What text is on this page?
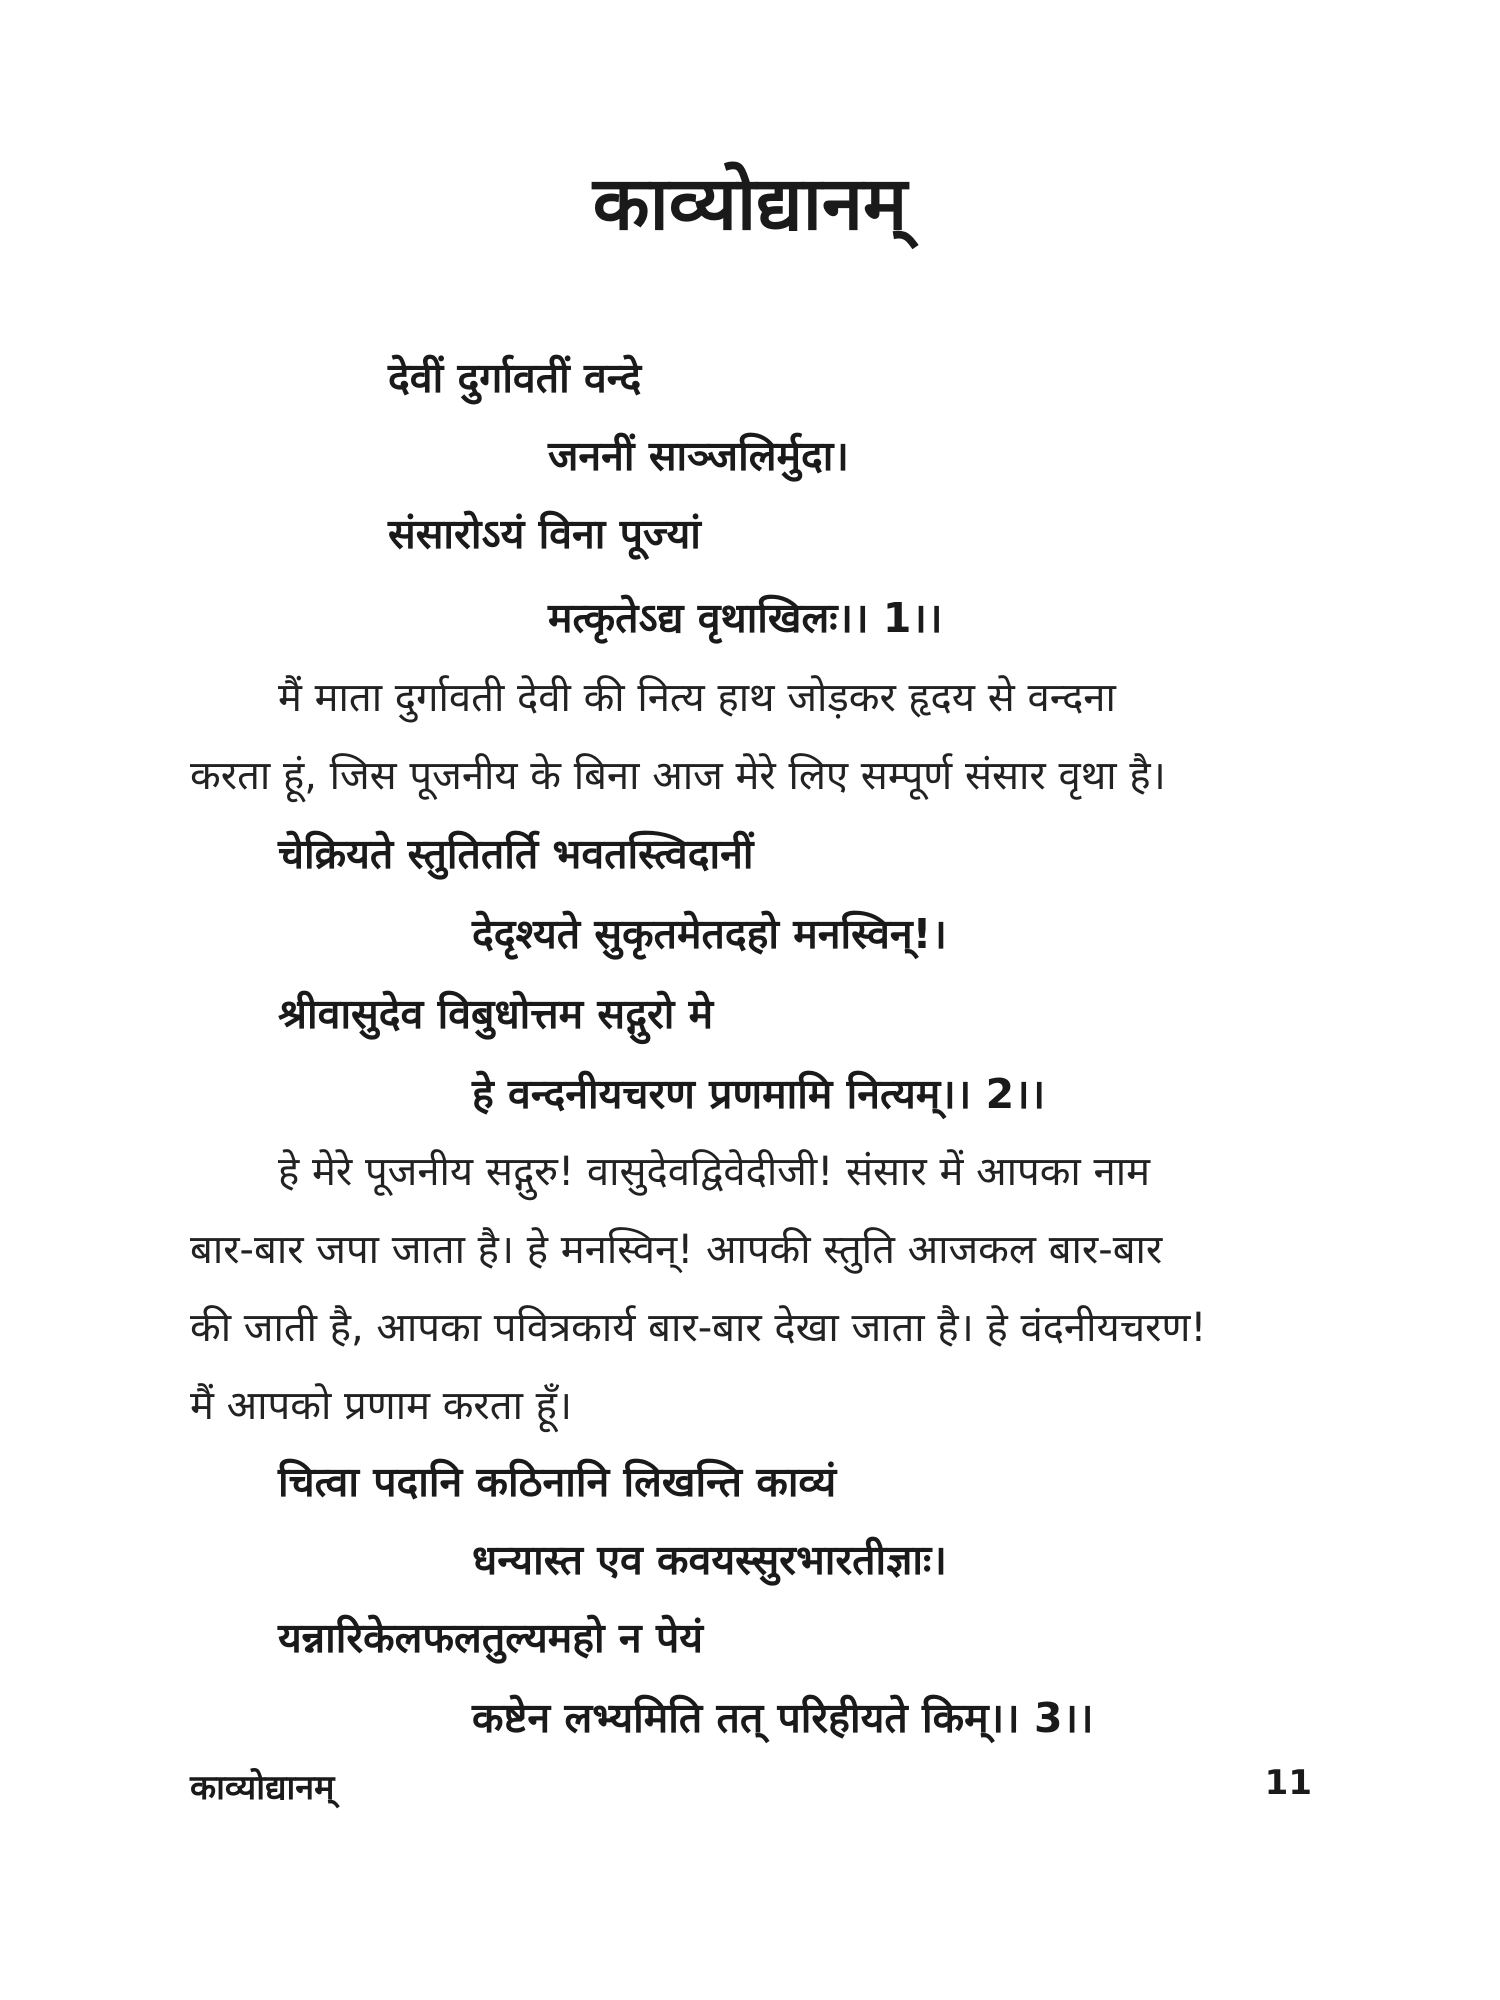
काव्योद्यानम्
देवीं दुर्गावतीं वन्दे
जननीं साञ्जलिर्मुदा।
संसारोऽयं विना पूज्यां
मत्कृतेऽद्य वृथाखिलः।। 1।।
मैं माता दुर्गावती देवी की नित्य हाथ जोड़कर हृदय से वन्दना
करता हूं, जिस पूजनीय के बिना आज मेरे लिए सम्पूर्ण संसार वृथा है।
चेक्रियते स्तुतितर्ति भवतस्त्विदानीं
देदृश्यते सुकृतमेतदहो मनस्विन्!।
श्रीवासुदेव विबुधोत्तम सद्गुरो मे
हे वन्दनीयचरण प्रणमामि नित्यम्।। 2।।
हे मेरे पूजनीय सद्गुरु! वासुदेवद्विवेदीजी! संसार में आपका नाम
बार-बार जपा जाता है। हे मनस्विन्! आपकी स्तुति आजकल बार-बार
की जाती है, आपका पवित्रकार्य बार-बार देखा जाता है। हे वंदनीयचरण!
मैं आपको प्रणाम करता हूँ।
चित्वा पदानि कठिनानि लिखन्ति काव्यं
धन्यास्त एव कवयस्सुरभारतीज्ञाः।
यन्नारिकेलफलतुल्यमहो न पेयं
कष्टेन लभ्यमिति तत् परिहीयते किम्।। 3।।
काव्योद्यानम्	11
